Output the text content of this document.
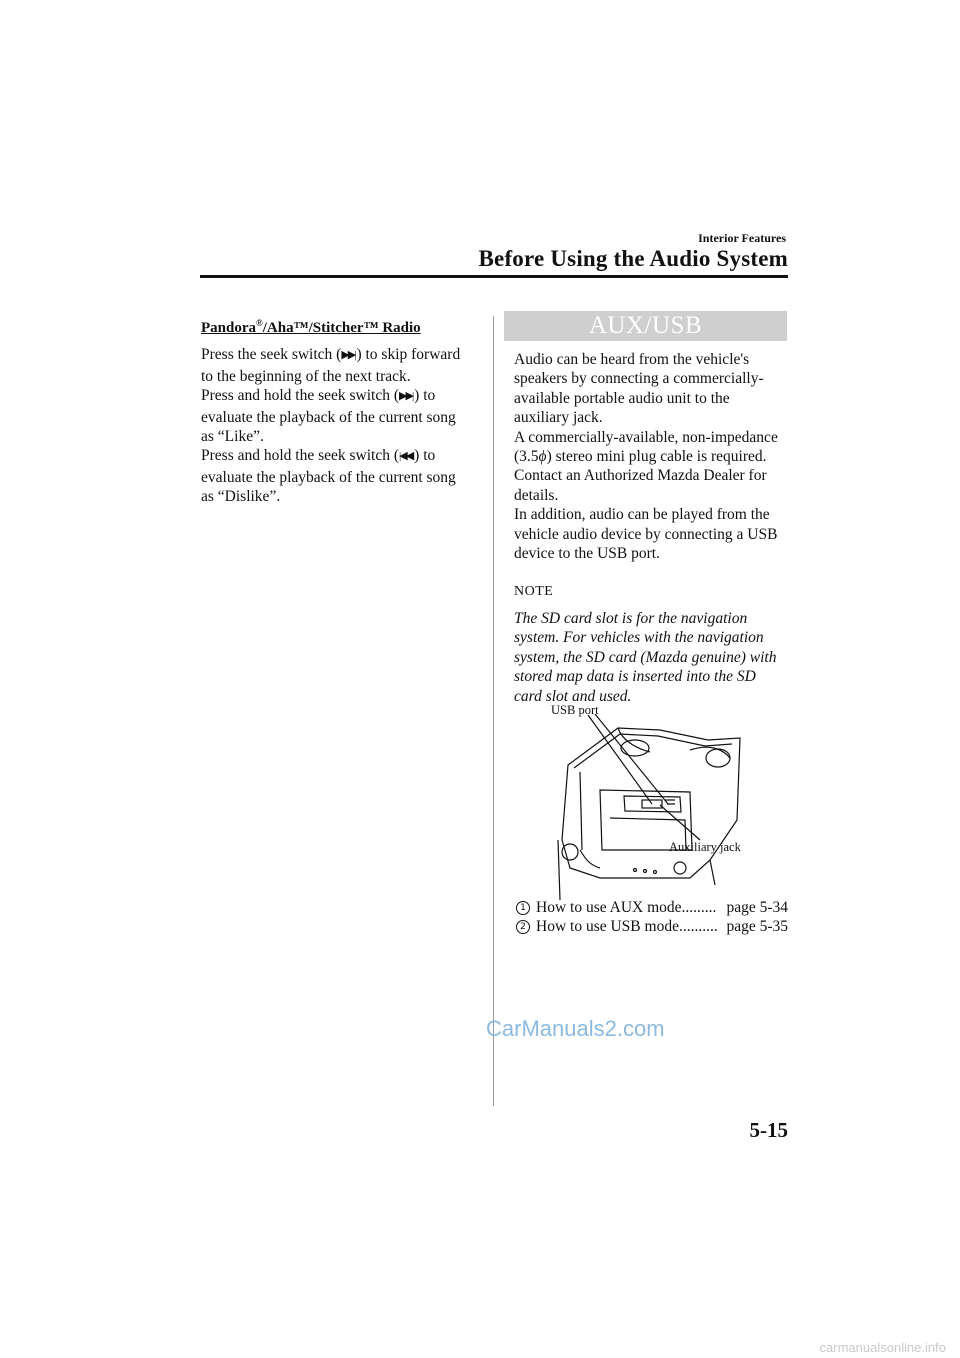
Interior Features
Before Using the Audio System
Pandora®/Aha™/Stitcher™ Radio
Press the seek switch (▶▶| ) to skip forward to the beginning of the next track.
Press and hold the seek switch (▶▶| ) to evaluate the playback of the current song as “Like”.
Press and hold the seek switch (|◀◀ ) to evaluate the playback of the current song as “Dislike”.
AUX/USB

Audio can be heard from the vehicle's speakers by connecting a commercially-available portable audio unit to the auxiliary jack.

A commercially-available, non-impedance (3.5ϕ) stereo mini plug cable is required.

Contact an Authorized Mazda Dealer for details.

In addition, audio can be played from the vehicle audio device by connecting a USB device to the USB port.

NOTE

The SD card slot is for the navigation system. For vehicles with the navigation system, the SD card (Mazda genuine) with stored map data is inserted into the SD card slot and used.

USB port
Auxiliary jack
1 How to use AUX mode ......... page 5-34
2 How to use USB mode .......... page 5-35
CarManuals2.com
5-15
carmanualsonline.info
